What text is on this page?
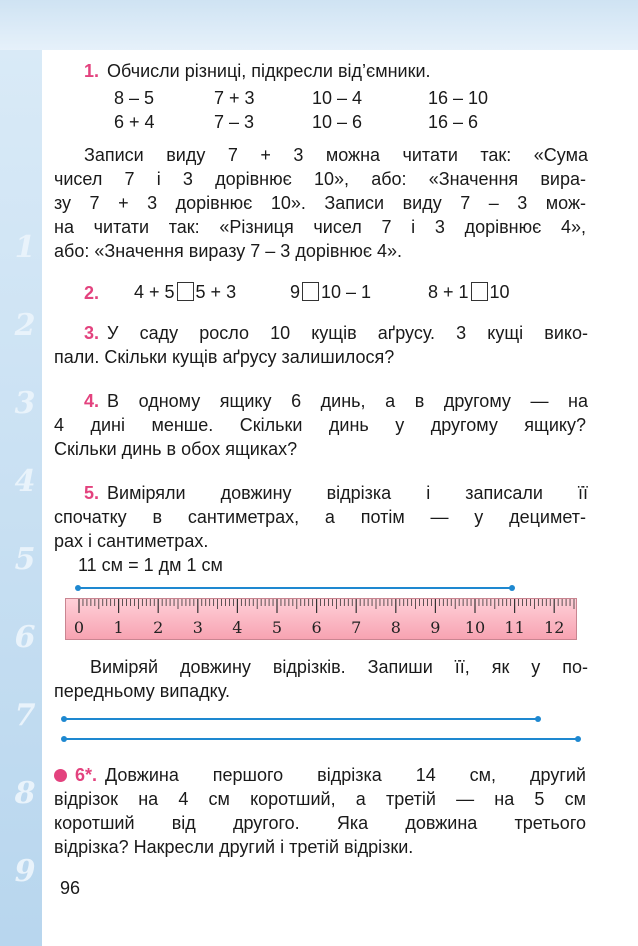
1
2
3
4
5
6
7
8
9
1. Обчисли різниці, підкресли від’ємники.
8 – 5	7 + 3	10 – 4	16 – 10
6 + 4	7 – 3	10 – 6	16 – 6
Записи виду 7 + 3 можна читати так: «Сума
чисел 7 і 3 дорівнює 10», або: «Значення вира-
зу 7 + 3 дорівнює 10». Записи виду 7 – 3 мож-
на читати так: «Різниця чисел 7 і 3 дорівнює 4»,
або: «Значення виразу 7 – 3 дорівнює 4».
2.	4 + 5 5 + 3	9 10 – 1	8 + 1 10
3. У саду росло 10 кущів аґрусу. 3 кущі вико-
пали. Скільки кущів аґрусу залишилося?
4. В одному ящику 6 динь, а в другому — на
4 дині менше. Скільки динь у другому ящику?
Скільки динь в обох ящиках?
5. Виміряли довжину відрізка і записали її
спочатку в сантиметрах, а потім — у децимет-
рах і сантиметрах.
11 см = 1 дм 1 см
Виміряй довжину відрізків. Запиши її, як у по-
передньому випадку.
6*. Довжина першого відрізка 14 см, другий
відрізок на 4 см коротший, а третій — на 5 см
коротший від другого. Яка довжина третього
відрізка? Накресли другий і третій відрізки.
0 1 2 3 4 5 6 7 8 9 10 11 12
96
